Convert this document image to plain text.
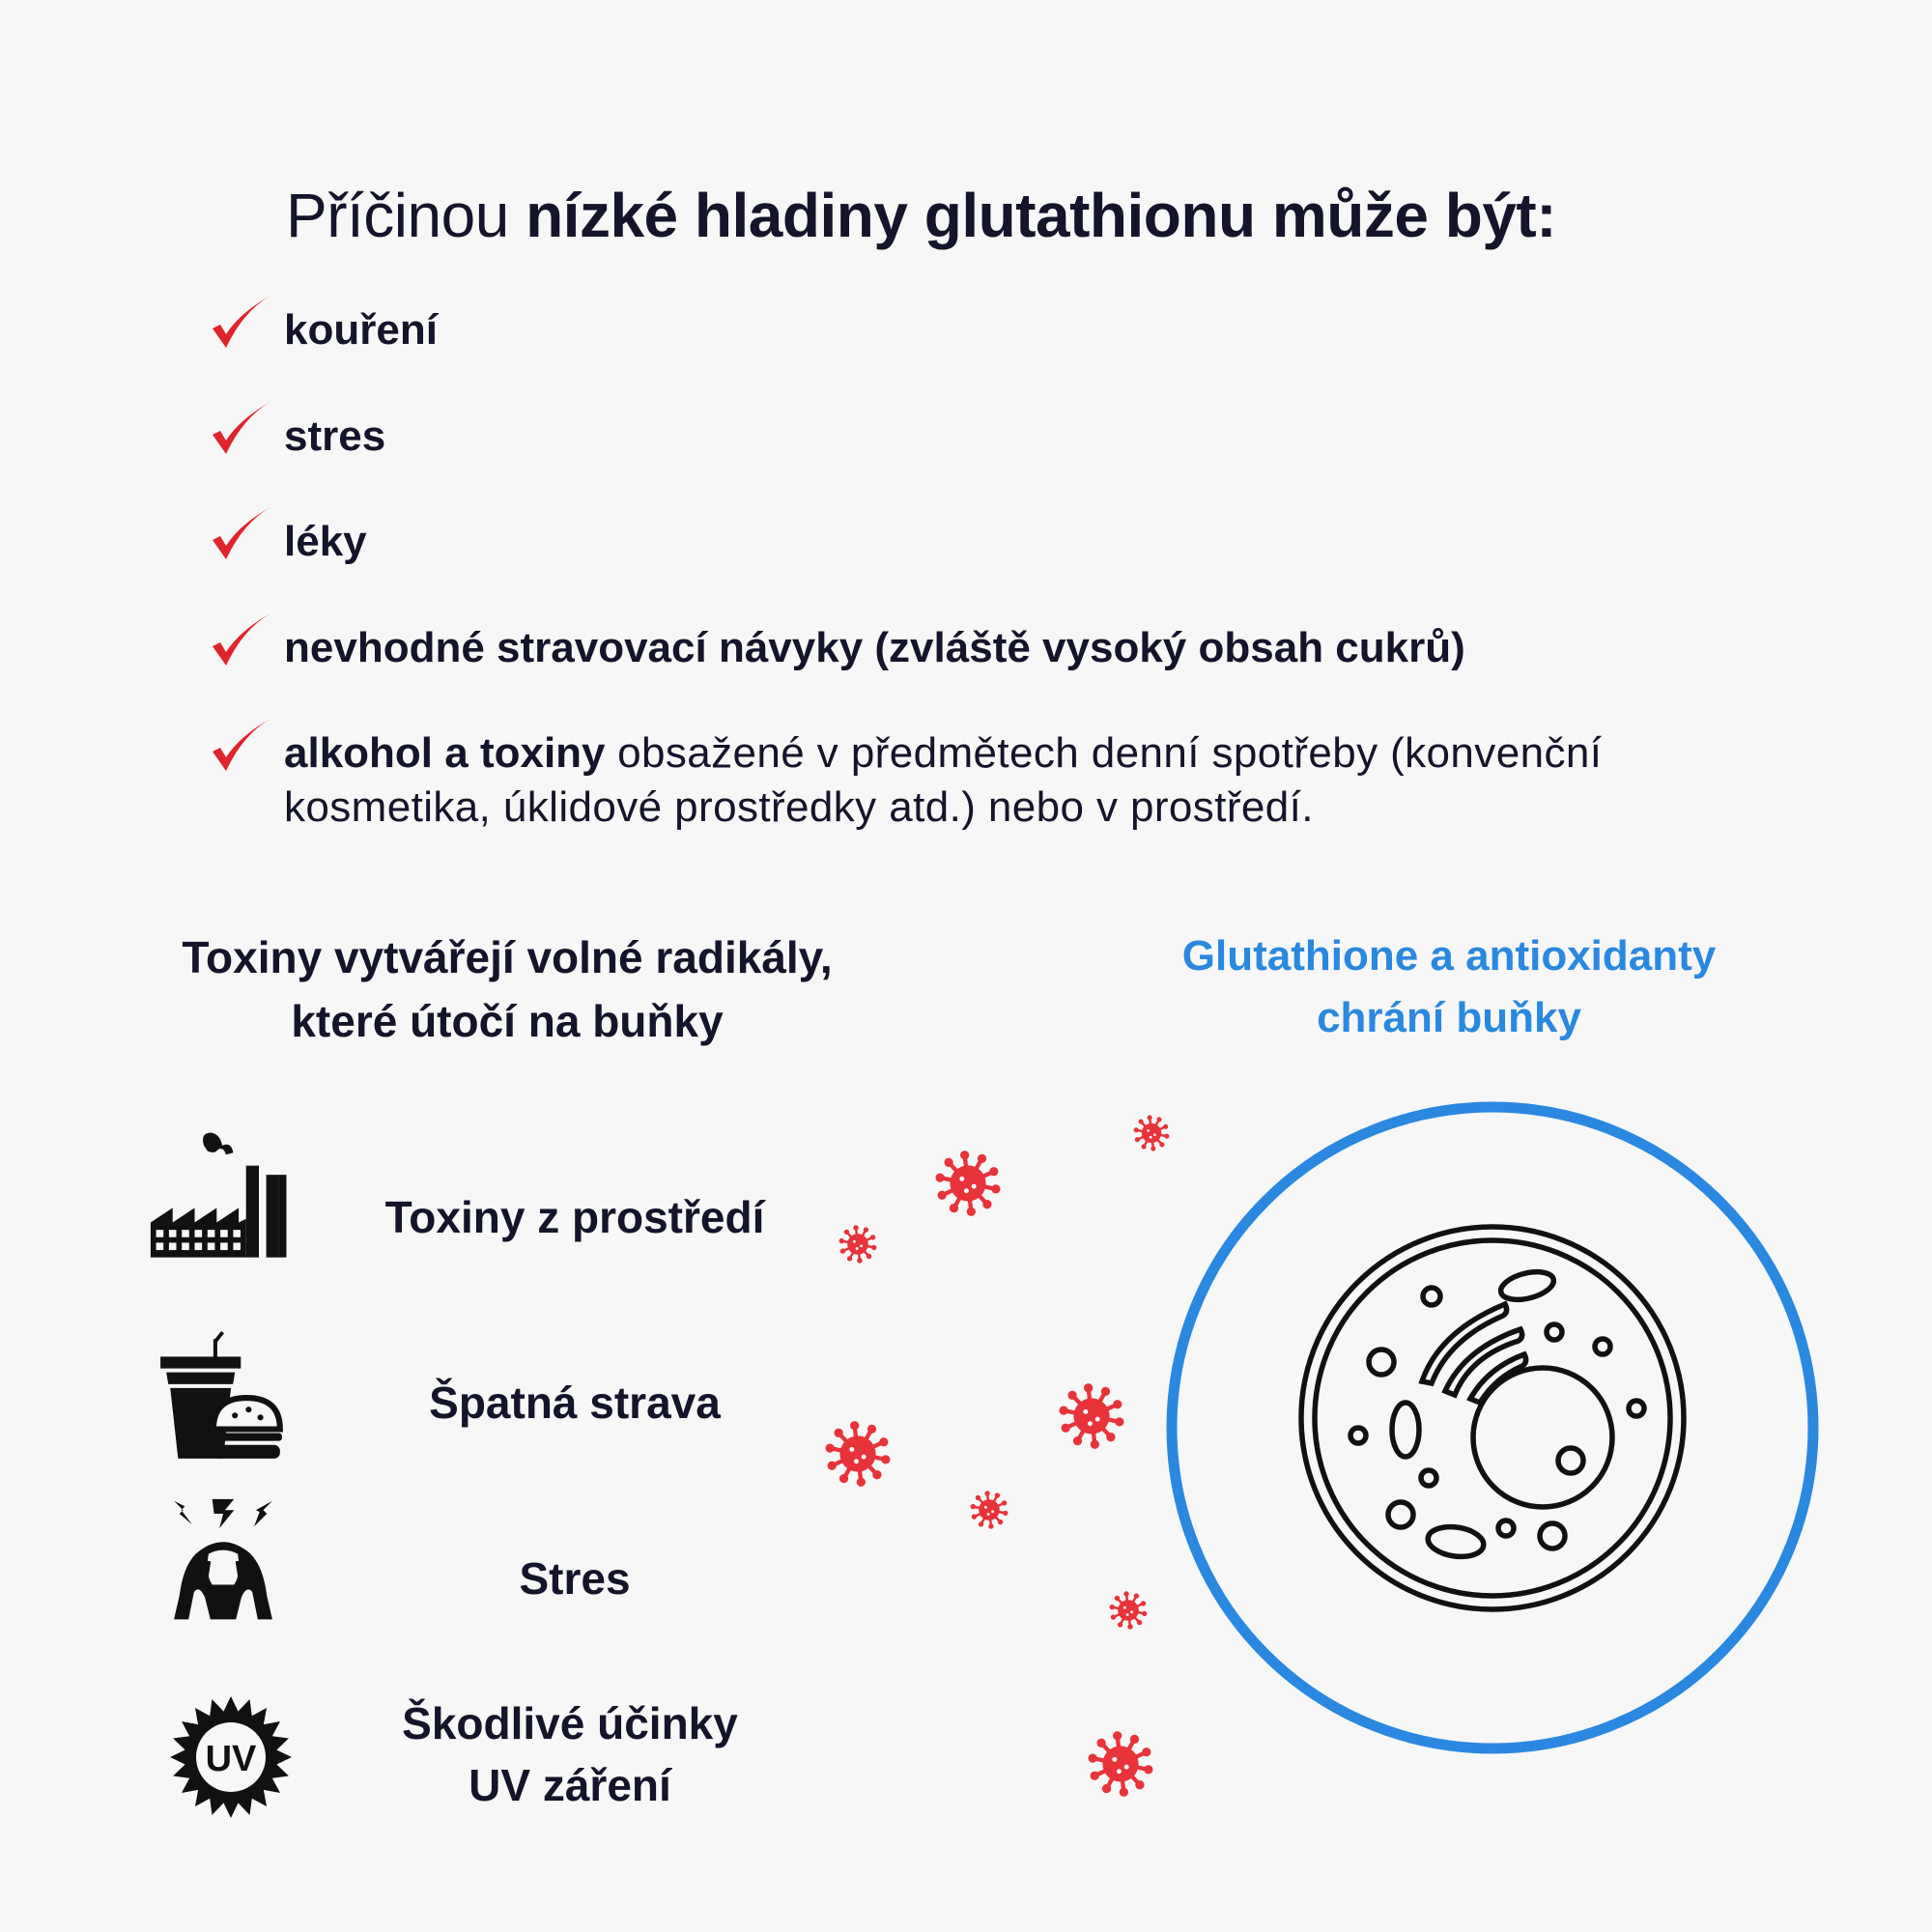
Příčinou nízké hladiny glutathionu může být:
kouření
stres
léky
nevhodné stravovací návyky (zvláště vysoký obsah cukrů)
alkohol a toxiny obsažené v předmětech denní spotřeby (konvenční kosmetika, úklidové prostředky atd.) nebo v prostředí.
Toxiny vytvářejí volné radikály,
které útočí na buňky
Glutathione a antioxidanty
chrání buňky
Toxiny z prostředí
Špatná strava
Stres
UV
Škodlivé účinky
UV záření
